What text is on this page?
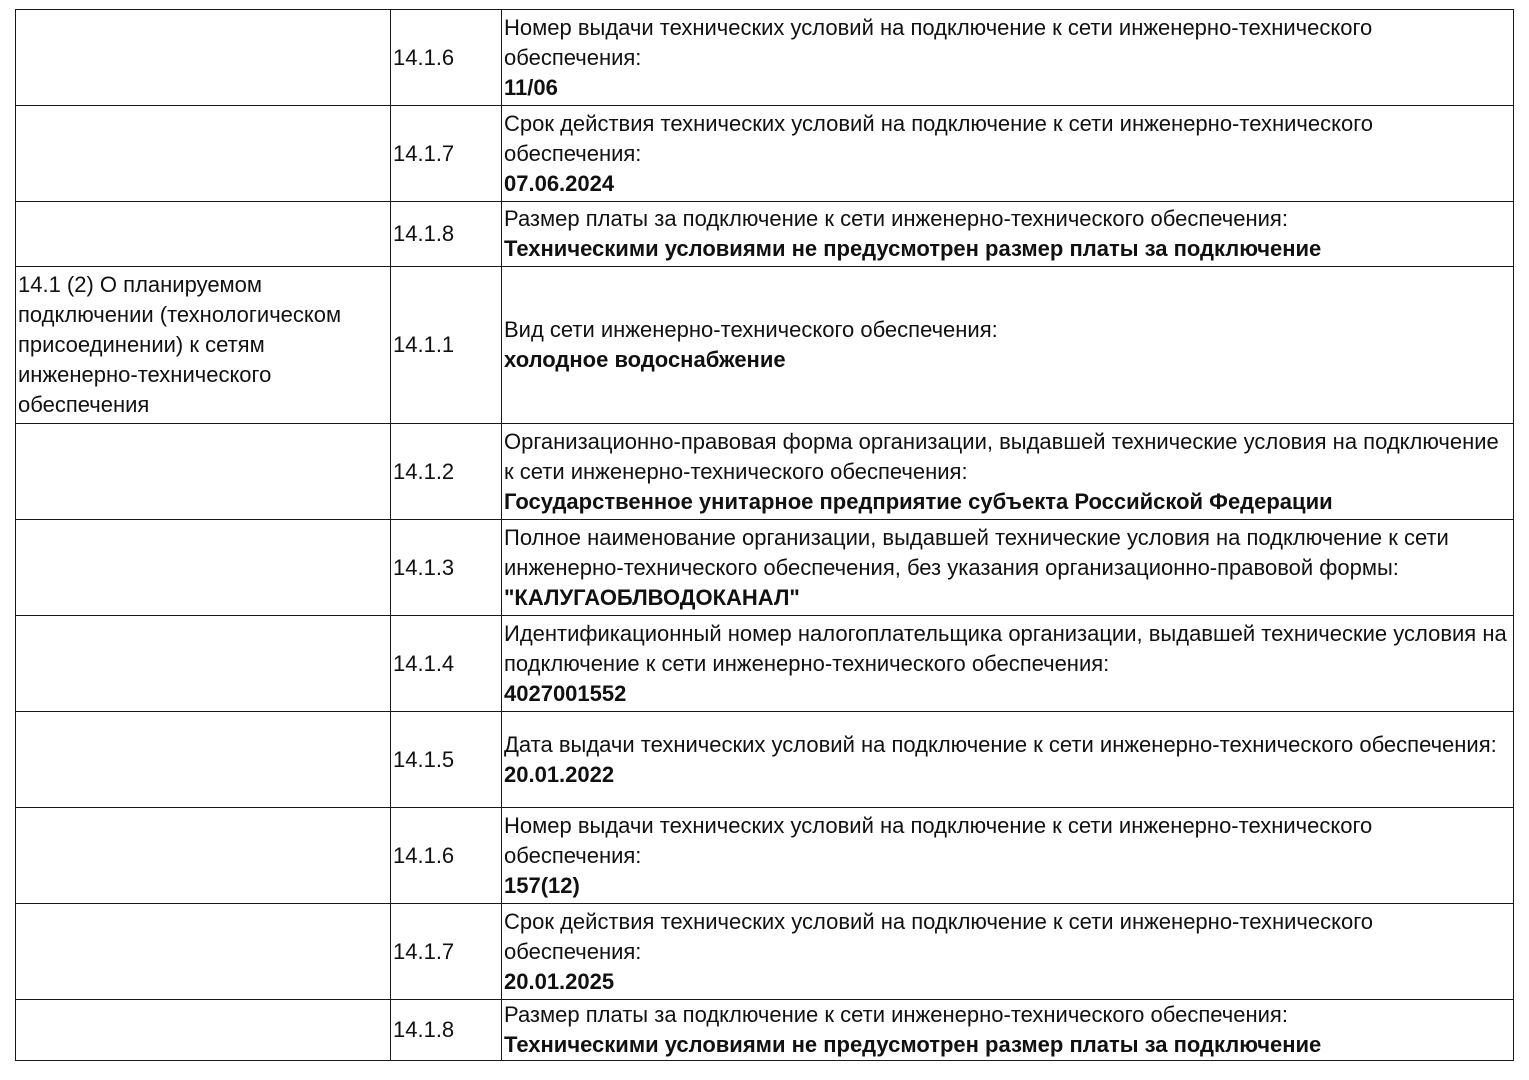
	14.1.6	Номер выдачи технических условий на подключение к сети инженерно-технического обеспечения:
11/06

	14.1.7	Срок действия технических условий на подключение к сети инженерно-технического обеспечения:
07.06.2024

	14.1.8	Размер платы за подключение к сети инженерно-технического обеспечения:
Техническими условиями не предусмотрен размер платы за подключение

14.1 (2) О планируемом подключении (технологическом присоединении) к сетям инженерно-технического обеспечения	14.1.1	Вид сети инженерно-технического обеспечения:
холодное водоснабжение

	14.1.2	Организационно-правовая форма организации, выдавшей технические условия на подключение к сети инженерно-технического обеспечения:
Государственное унитарное предприятие субъекта Российской Федерации

	14.1.3	Полное наименование организации, выдавшей технические условия на подключение к сети инженерно-технического обеспечения, без указания организационно-правовой формы:
"КАЛУГАОБЛВОДОКАНАЛ"

	14.1.4	Идентификационный номер налогоплательщика организации, выдавшей технические условия на подключение к сети инженерно-технического обеспечения:
4027001552

	14.1.5	Дата выдачи технических условий на подключение к сети инженерно-технического обеспечения:
20.01.2022

	14.1.6	Номер выдачи технических условий на подключение к сети инженерно-технического обеспечения:
157(12)

	14.1.7	Срок действия технических условий на подключение к сети инженерно-технического обеспечения:
20.01.2025

	14.1.8	Размер платы за подключение к сети инженерно-технического обеспечения:
Техническими условиями не предусмотрен размер платы за подключение
